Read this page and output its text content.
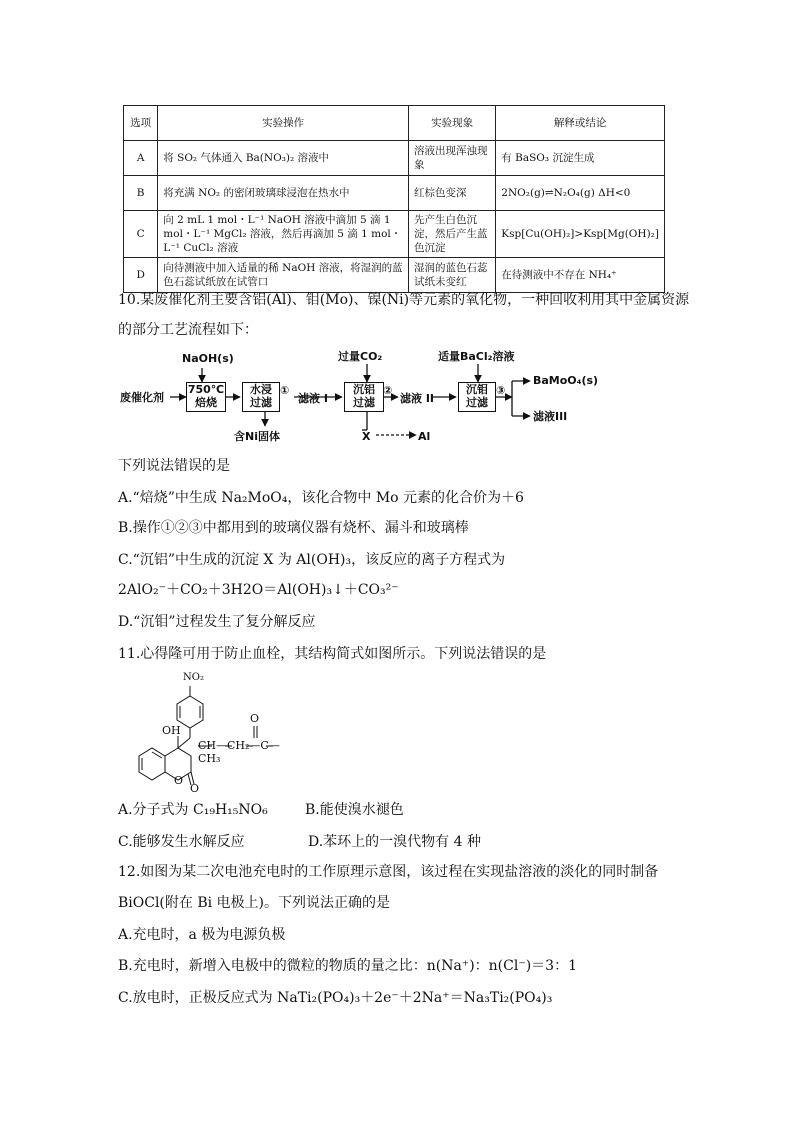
选项	实验操作	实验现象	解释或结论
A	将 SO₂ 气体通入 Ba(NO₃)₂ 溶液中	溶液出现浑浊现象	有 BaSO₃ 沉淀生成
B	将充满 NO₂ 的密闭玻璃球浸泡在热水中	红棕色变深	2NO₂(g)⇌N₂O₄(g) ΔH<0
C	向 2 mL 1 mol・L⁻¹ NaOH 溶液中滴加 5 滴 1 mol・L⁻¹ MgCl₂ 溶液，然后再滴加 5 滴 1 mol・L⁻¹ CuCl₂ 溶液	先产生白色沉淀，然后产生蓝色沉淀	Ksp[Cu(OH)₂]>Ksp[Mg(OH)₂]
D	向待测液中加入适量的稀 NaOH 溶液，将湿润的蓝色石蕊试纸放在试管口	湿润的蓝色石蕊试纸未变红	在待测液中不存在 NH₄⁺
10.某废催化剂主要含铝(Al)、钼(Mo)、镍(Ni)等元素的氧化物，一种回收利用其中金属资源
的部分工艺流程如下：
废催化剂
NaOH(s)
750℃
焙烧
水浸
过滤
①
滤液 I
过量CO₂
沉铝
过滤
②
滤液 II
适量BaCl₂溶液
沉钼
过滤
③
BaMoO₄(s)
滤液III
含Ni固体	X	Al
下列说法错误的是
A.“焙烧”中生成 Na₂MoO₄，该化合物中 Mo 元素的化合价为＋6
B.操作①②③中都用到的玻璃仪器有烧杯、漏斗和玻璃棒
C.“沉铝”中生成的沉淀 X 为 Al(OH)₃，该反应的离子方程式为
2AlO₂⁻＋CO₂＋3H2O＝Al(OH)₃↓＋CO₃²⁻
D.“沉钼”过程发生了复分解反应
11.心得隆可用于防止血栓，其结构简式如图所示。下列说法错误的是
NO₂
OH
CH—CH₂—C—CH₃
O
O
O
A.分子式为 C₁₉H₁₅NO₆	B.能使溴水褪色
C.能够发生水解反应	D.苯环上的一溴代物有 4 种
12.如图为某二次电池充电时的工作原理示意图，该过程在实现盐溶液的淡化的同时制备
BiOCl(附在 Bi 电极上)。下列说法正确的是
A.充电时，a 极为电源负极
B.充电时，新增入电极中的微粒的物质的量之比：n(Na⁺)：n(Cl⁻)＝3：1
C.放电时，正极反应式为 NaTi₂(PO₄)₃＋2e⁻＋2Na⁺＝Na₃Ti₂(PO₄)₃
